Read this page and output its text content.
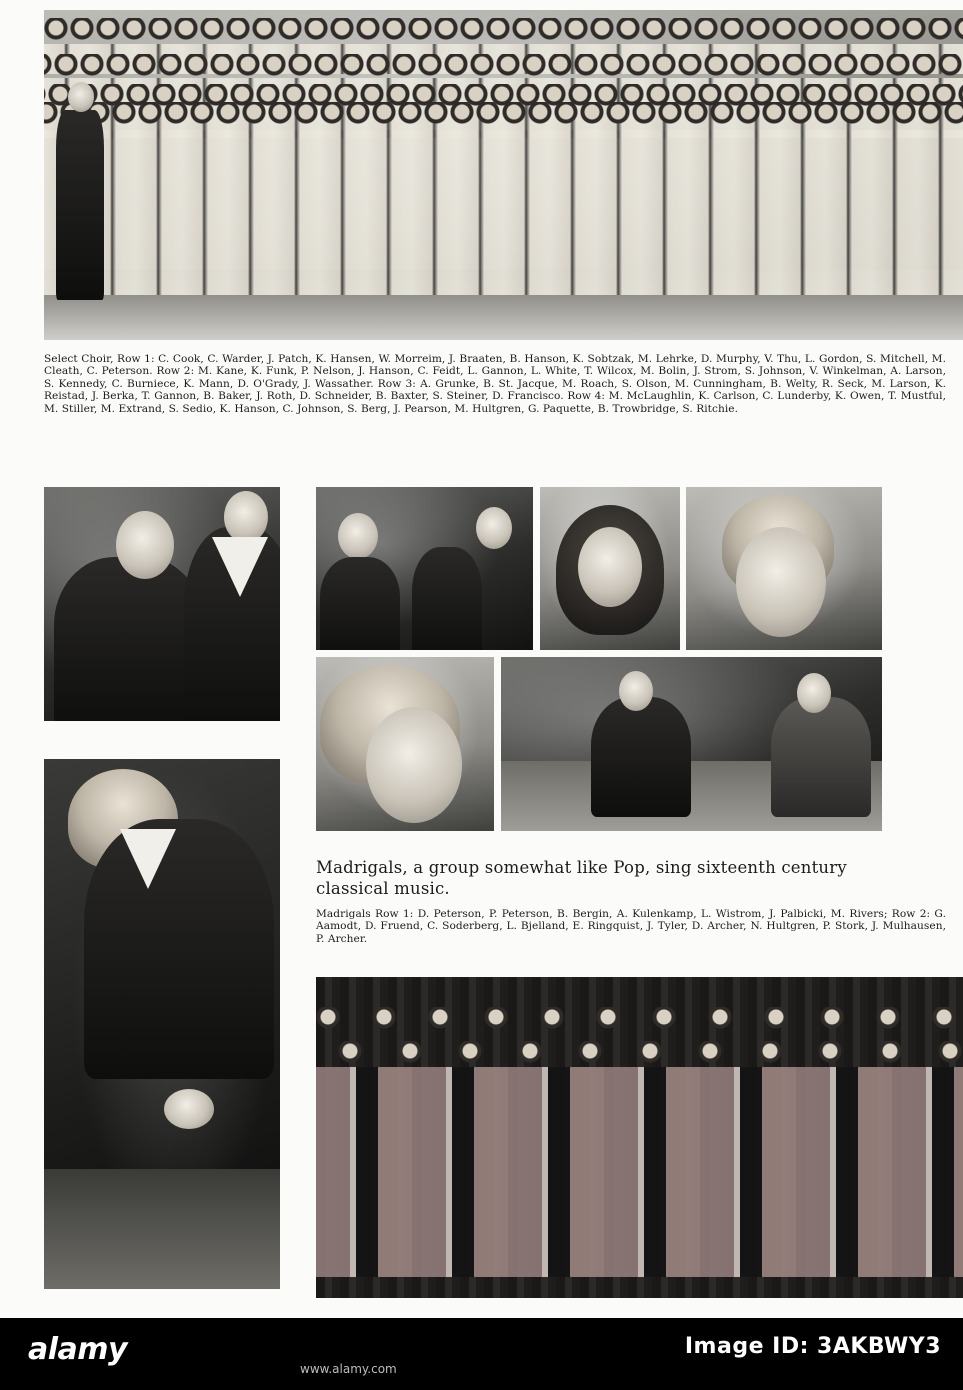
Select Choir, Row 1: C. Cook, C. Warder, J. Patch, K. Hansen, W. Morreim, J. Braaten, B. Hanson, K. Sobtzak, M. Lehrke, D. Murphy, V. Thu, L. Gordon, S. Mitchell, M. Cleath, C. Peterson. Row 2: M. Kane, K. Funk, P. Nelson, J. Hanson, C. Feidt, L. Gannon, L. White, T. Wilcox, M. Bolin, J. Strom, S. Johnson, V. Winkelman, A. Larson, S. Kennedy, C. Burniece, K. Mann, D. O'Grady, J. Wassather. Row 3: A. Grunke, B. St. Jacque, M. Roach, S. Olson, M. Cunningham, B. Welty, R. Seck, M. Larson, K. Reistad, J. Berka, T. Gannon, B. Baker, J. Roth, D. Schneider, B. Baxter, S. Steiner, D. Francisco. Row 4: M. McLaughlin, K. Carlson, C. Lunderby, K. Owen, T. Mustful, M. Stiller, M. Extrand, S. Sedio, K. Hanson, C. Johnson, S. Berg, J. Pearson, M. Hultgren, G. Paquette, B. Trowbridge, S. Ritchie.
Madrigals, a group somewhat like Pop, sing sixteenth century classical music.
Madrigals Row 1: D. Peterson, P. Peterson, B. Bergin, A. Kulenkamp, L. Wistrom, J. Palbicki, M. Rivers; Row 2: G. Aamodt, D. Fruend, C. Soderberg, L. Bjelland, E. Ringquist, J. Tyler, D. Archer, N. Hultgren, P. Stork, J. Mulhausen, P. Archer.
alamy
www.alamy.com
Image ID: 3AKBWY3
